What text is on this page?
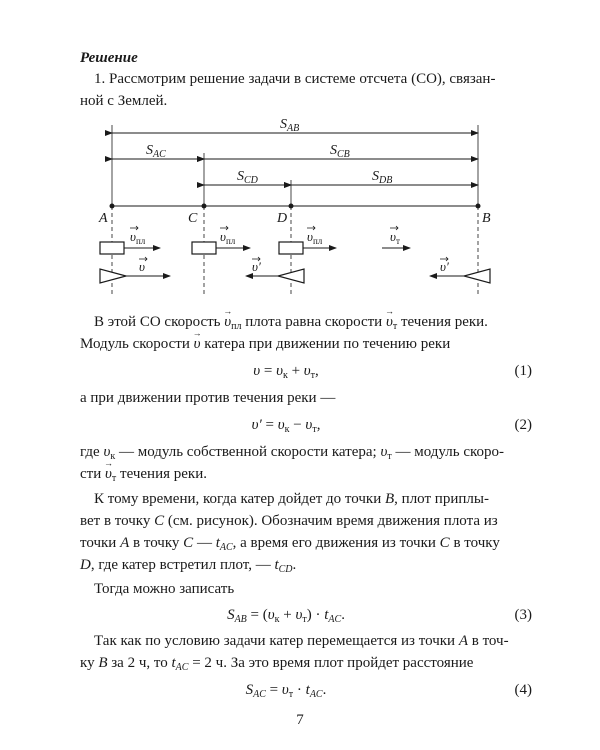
Решение
1. Рассмотрим решение задачи в системе отсчета (СО), связан-
ной с Землей.
$S_{AB}$
$S_{AC}$	$S_{CB}$
$S_{CD}$	$S_{DB}$
A	C	D	B
$\upsilon_{пл}$	$\upsilon_{пл}$	$\upsilon_{пл}$	$\upsilon_т$
υ	υ′	υ′
В этой СО скорость → $\upsilon_{пл}$ плота равна скорости → $\upsilon_т$ течения реки.
Модуль скорости → υ катера при движении по течению реки
$\upsilon = \upsilon_к + \upsilon_т$,	(1)
а при движении против течения реки —
$\upsilon' = \upsilon_к - \upsilon_т$,	(2)
где $\upsilon_к$ — модуль собственной скорости катера; $\upsilon_т$ — модуль скоро-
сти → $\upsilon_т$ течения реки.
К тому времени, когда катер дойдет до точки B, плот приплы-
вет в точку C (см. рисунок). Обозначим время движения плота из
точки A в точку C — $t_{AC}$, а время его движения из точки C в точку
D, где катер встретил плот, — $t_{CD}$.
Тогда можно записать
$S_{AB} = (\upsilon_к + \upsilon_т) \cdot t_{AC}$.	(3)
Так как по условию задачи катер перемещается из точки A в точ-
ку B за 2 ч, то $t_{AC} = 2$ ч. За это время плот пройдет расстояние
$S_{AC} = \upsilon_т \cdot t_{AC}$.	(4)
7
